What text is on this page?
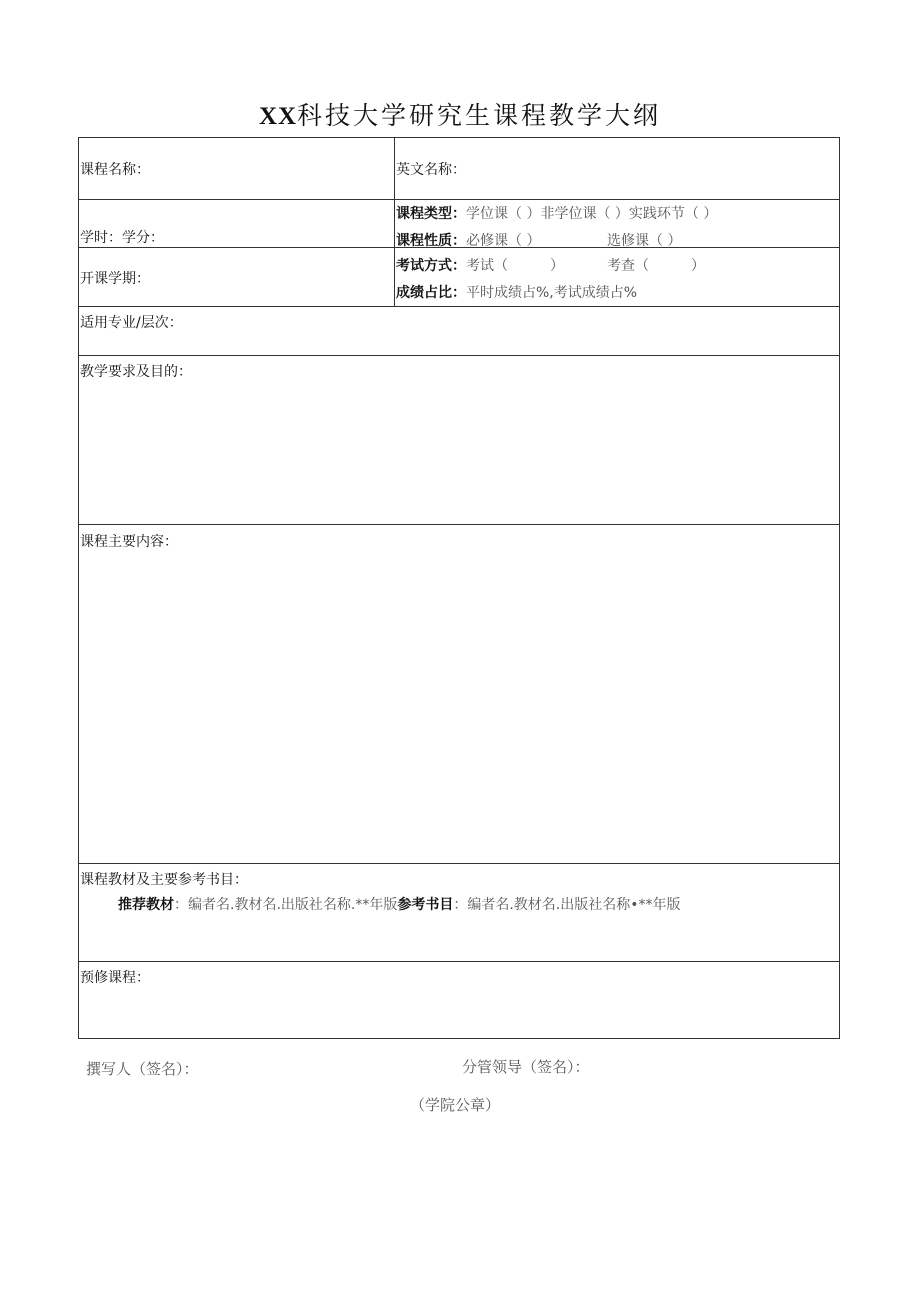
XX科技大学研究生课程教学大纲
课程名称：	英文名称：
学时：学分：
课程类型：学位课（ ）非学位课（ ）实践环节（ ）
课程性质：必修课（ ）	选修课（ ）
开课学期：
考试方式：考试（　　　）	考查（　　　）
成绩占比：平时成绩占%,考试成绩占%
适用专业/层次：
教学要求及目的：
课程主要内容：
课程教材及主要参考书目：
推荐教材：编者名.教材名.出版社名称.**年版参考书目：编者名.教材名.出版社名称•**年版
预修课程：
撰写人（签名）：	分管领导（签名）：
（学院公章）
